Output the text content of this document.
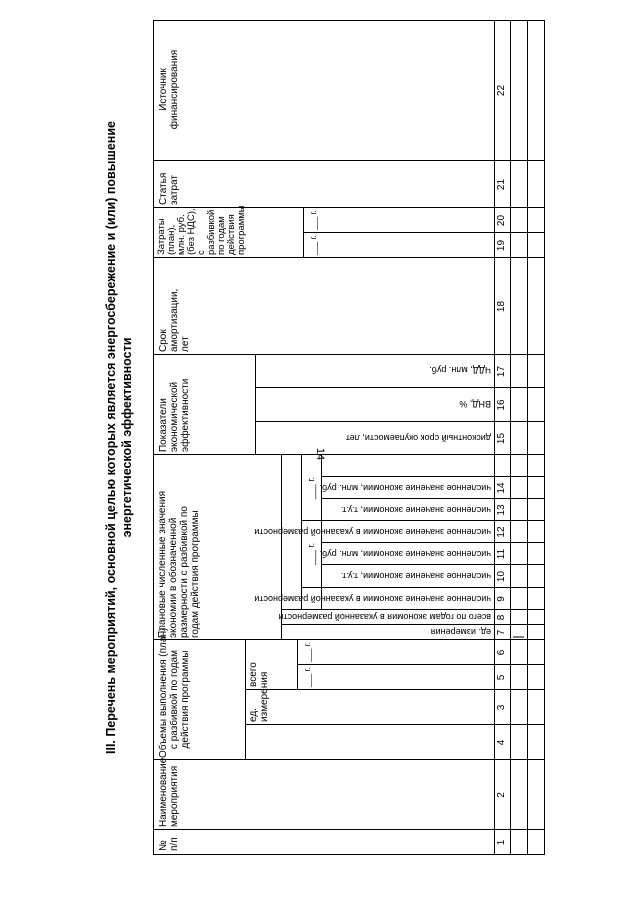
14
III. Перечень мероприятий, основной целью которых является энергосбережение и (или) повышение энергетической эффективности
№
п/п
Наименование
мероприятия
Объемы выполнения (план)
с разбивкой по годам
действия программы
Плановые численные значения
экономии в обозначенной
размерности с разбивкой по
годам действия программы
Показатели
экономической
эффективности
Срок
амортизации,
лет
Затраты
(план),
млн. руб.
(без НДС),
с
разбивкой
по годам
действия
программы
Статья
затрат
Источник
финансирования
ед.
измерения
всего	___ г.
___ г.
___ г.
___ г.
___ г.
___ г.
ед. измерения
всего по годам экономия в указанной размерности
численное значение экономии в указанной размерности
численное значение экономии, т.у.т.
численное значение экономии, млн. руб.
численное значение экономии в указанной размерности
численное значение экономии, т.у.т.
численное значение экономии, млн. руб.
дисконтный срок окупаемости, лет
ВНД, %
ЧДД, млн. руб.
1
2
3
4
5
6
7
8
9
10
11
12
13
14
15
16
17
18
19
20
21
22
